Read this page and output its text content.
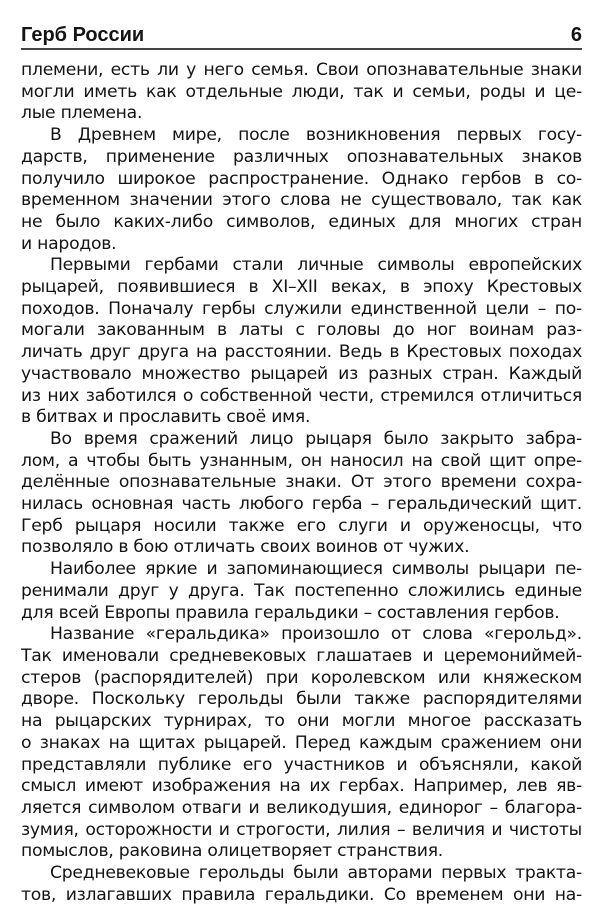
Герб России	6
племени, есть ли у него семья. Свои опознавательные знаки
могли иметь как отдельные люди, так и семьи, роды и це-
лые племена.
В Древнем мире, после возникновения первых госу-
дарств, применение различных опознавательных знаков
получило широкое распространение. Однако гербов в со-
временном значении этого слова не существовало, так как
не было каких-либо символов, единых для многих стран
и народов.
Первыми гербами стали личные символы европейских
рыцарей, появившиеся в XI–XII веках, в эпоху Крестовых
походов. Поначалу гербы служили единственной цели – по-
могали закованным в латы с головы до ног воинам раз-
личать друг друга на расстоянии. Ведь в Крестовых походах
участвовало множество рыцарей из разных стран. Каждый
из них заботился о собственной чести, стремился отличиться
в битвах и прославить своё имя.
Во время сражений лицо рыцаря было закрыто забра-
лом, а чтобы быть узнанным, он наносил на свой щит опре-
делённые опознавательные знаки. От этого времени сохра-
нилась основная часть любого герба – геральдический щит.
Герб рыцаря носили также его слуги и оруженосцы, что
позволяло в бою отличать своих воинов от чужих.
Наиболее яркие и запоминающиеся символы рыцари пе-
ренимали друг у друга. Так постепенно сложились единые
для всей Европы правила геральдики – составления гербов.
Название «геральдика» произошло от слова «герольд».
Так именовали средневековых глашатаев и церемониймей-
стеров (распорядителей) при королевском или княжеском
дворе. Поскольку герольды были также распорядителями
на рыцарских турнирах, то они могли многое рассказать
о знаках на щитах рыцарей. Перед каждым сражением они
представляли публике его участников и объясняли, какой
смысл имеют изображения на их гербах. Например, лев яв-
ляется символом отваги и великодушия, единорог – благора-
зумия, осторожности и строгости, лилия – величия и чистоты
помыслов, раковина олицетворяет странствия.
Средневековые герольды были авторами первых тракта-
тов, излагавших правила геральдики. Со временем они на-
